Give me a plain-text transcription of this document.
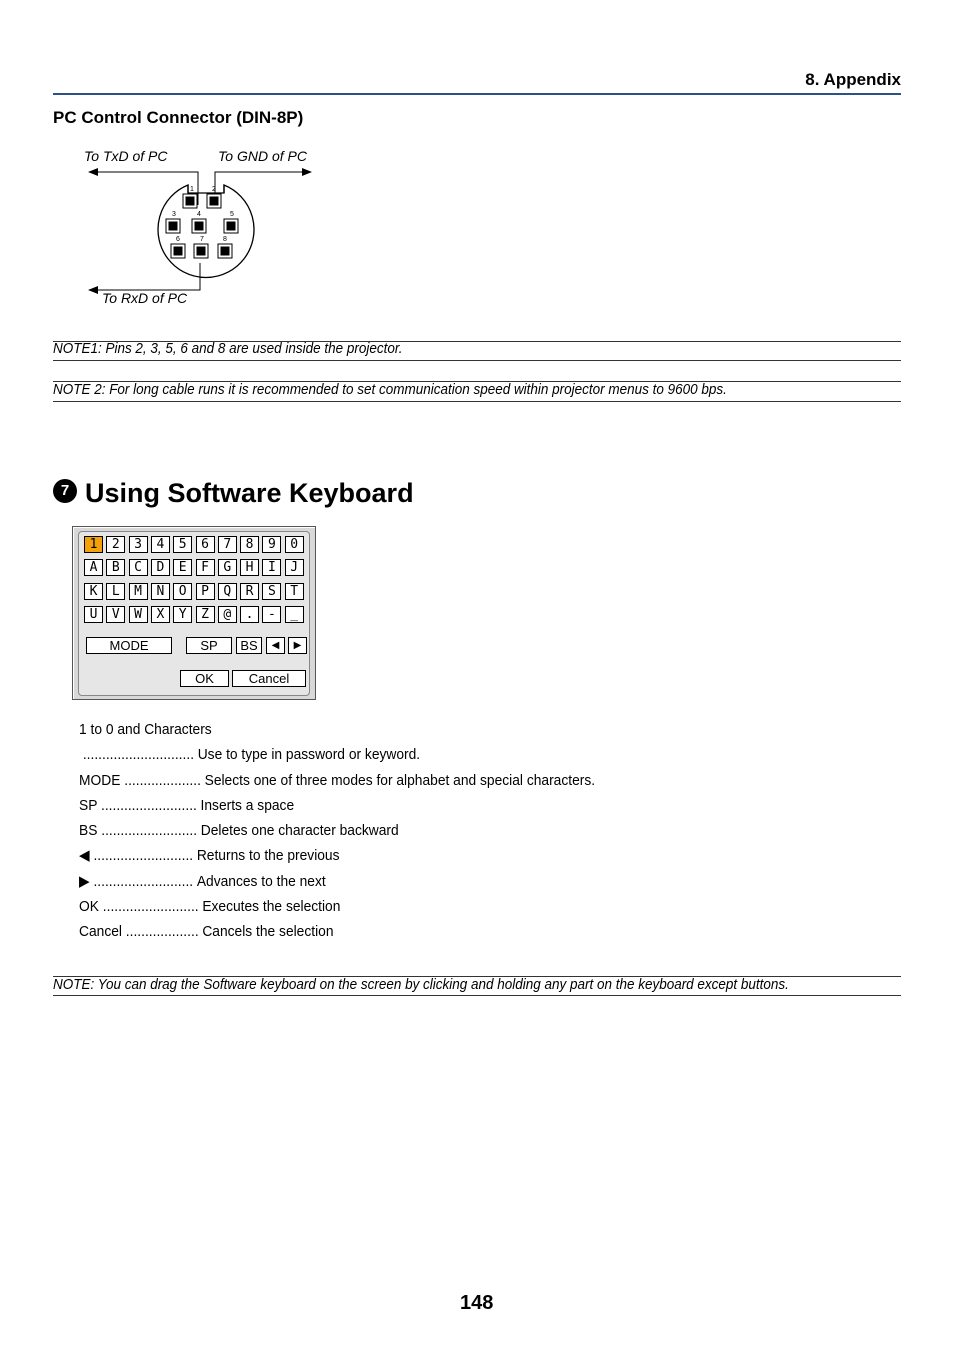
8. Appendix
PC Control Connector (DIN-8P)
To TxD of PC	To GND of PC
To RxD of PC
1	2
3	4	5
6	7	8
NOTE1: Pins 2, 3, 5, 6 and 8 are used inside the projector.
NOTE 2: For long cable runs it is recommended to set communication speed within projector menus to 9600 bps.
7 Using Software Keyboard
1	2	3	4	5	6	7	8	9	0
A	B	C	D	E	F	G	H	I	J
K	L	M	N	O	P	Q	R	S	T
U	V	W	X	Y	Z	@	.	-	_
MODE	SP	BS	◀	▶
OK	Cancel
1 to 0 and Characters
............................. Use to type in password or keyword.
MODE .................... Selects one of three modes for alphabet and special characters.
SP ......................... Inserts a space
BS ......................... Deletes one character backward
◀ .......................... Returns to the previous
▶ .......................... Advances to the next
OK ......................... Executes the selection
Cancel ................... Cancels the selection
NOTE: You can drag the Software keyboard on the screen by clicking and holding any part on the keyboard except buttons.
148
